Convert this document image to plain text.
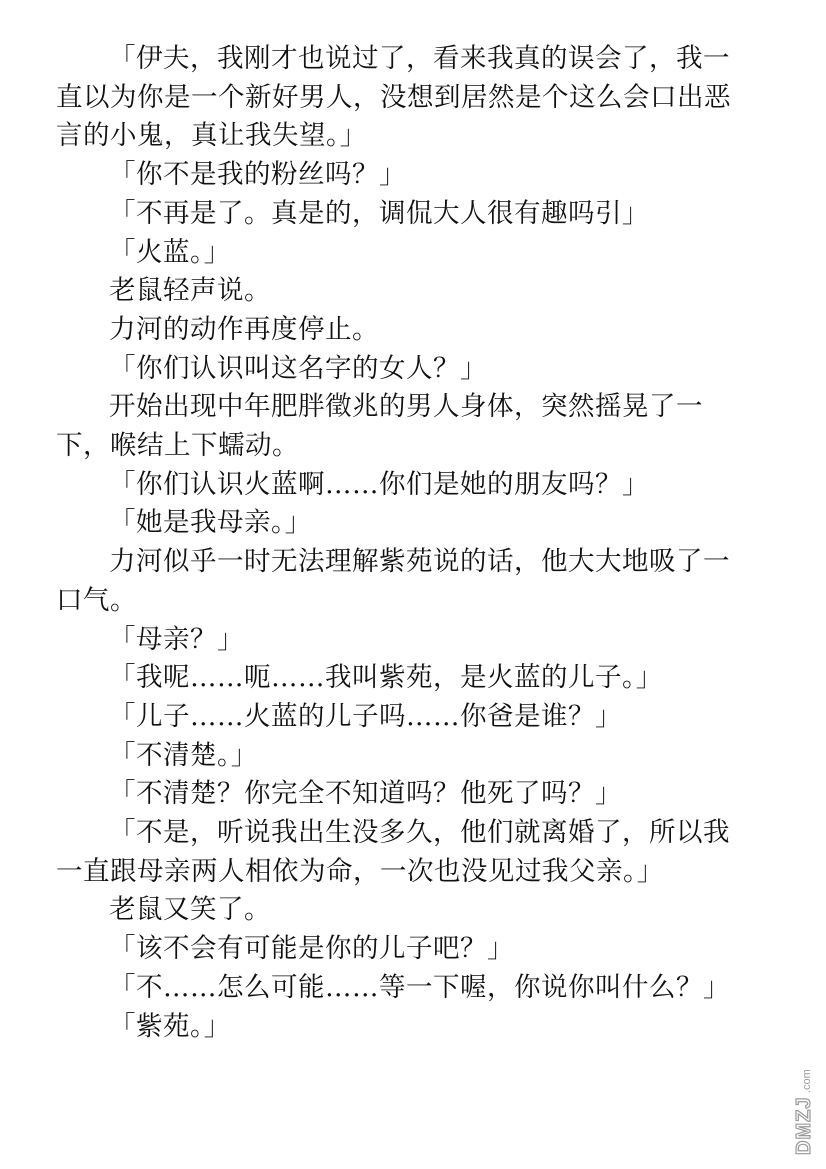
「伊夫，我刚才也说过了，看来我真的误会了，我一直以为你是一个新好男人，没想到居然是个这么会口出恶言的小鬼，真让我失望。」

「你不是我的粉丝吗？」

「不再是了。真是的，调侃大人很有趣吗引」

「火蓝。」

老鼠轻声说。

力河的动作再度停止。

「你们认识叫这名字的女人？」

开始出现中年肥胖徵兆的男人身体，突然摇晃了一下，喉结上下蠕动。

「你们认识火蓝啊……你们是她的朋友吗？」

「她是我母亲。」

力河似乎一时无法理解紫苑说的话，他大大地吸了一口气。

「母亲？」

「我呢……呃……我叫紫苑，是火蓝的儿子。」

「儿子……火蓝的儿子吗……你爸是谁？」

「不清楚。」

「不清楚？你完全不知道吗？他死了吗？」

「不是，听说我出生没多久，他们就离婚了，所以我一直跟母亲两人相依为命，一次也没见过我父亲。」

老鼠又笑了。

「该不会有可能是你的儿子吧？」

「不……怎么可能……等一下喔，你说你叫什么？」

「紫苑。」

DMZJ
.com
